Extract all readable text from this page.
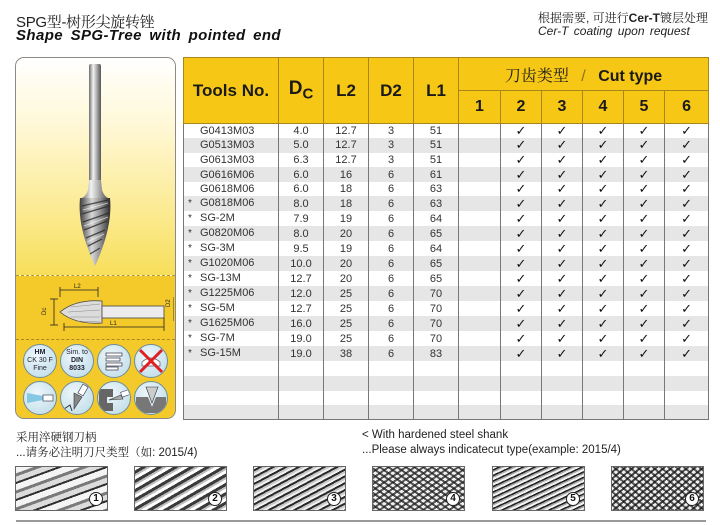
SPG型-树形尖旋转锉
Shape SPG-Tree with pointed end
根据需要, 可进行Cer-T镀层处理
Cer-T coating upon request
L2
L1
Dc
D2
HM
CK 30 F
Fine
Sim. to
DIN
8033
Tools No.	$D_C$	L2	D2	L1	刀齿类型 / Cut type					
					1	2	3	4	5	6
G0413M03	4.0	12.7	3	51		✓	✓	✓	✓	✓
G0513M03	5.0	12.7	3	51		✓	✓	✓	✓	✓
G0613M03	6.3	12.7	3	51		✓	✓	✓	✓	✓
G0616M06	6.0	16	6	61		✓	✓	✓	✓	✓
G0618M06	6.0	18	6	63		✓	✓	✓	✓	✓
* G0818M06	8.0	18	6	63		✓	✓	✓	✓	✓
* SG-2M	7.9	19	6	64		✓	✓	✓	✓	✓
* G0820M06	8.0	20	6	65		✓	✓	✓	✓	✓
* SG-3M	9.5	19	6	64		✓	✓	✓	✓	✓
* G1020M06	10.0	20	6	65		✓	✓	✓	✓	✓
* SG-13M	12.7	20	6	65		✓	✓	✓	✓	✓
* G1225M06	12.0	25	6	70		✓	✓	✓	✓	✓
* SG-5M	12.7	25	6	70		✓	✓	✓	✓	✓
* G1625M06	16.0	25	6	70		✓	✓	✓	✓	✓
* SG-7M	19.0	25	6	70		✓	✓	✓	✓	✓
* SG-15M	19.0	38	6	83		✓	✓	✓	✓	✓

采用淬硬钢刀柄
...请务必注明刀尺类型（如: 2015/4)
< With hardened steel shank
...Please always indicatecut type(example: 2015/4)
1	2	3	4	5	6
